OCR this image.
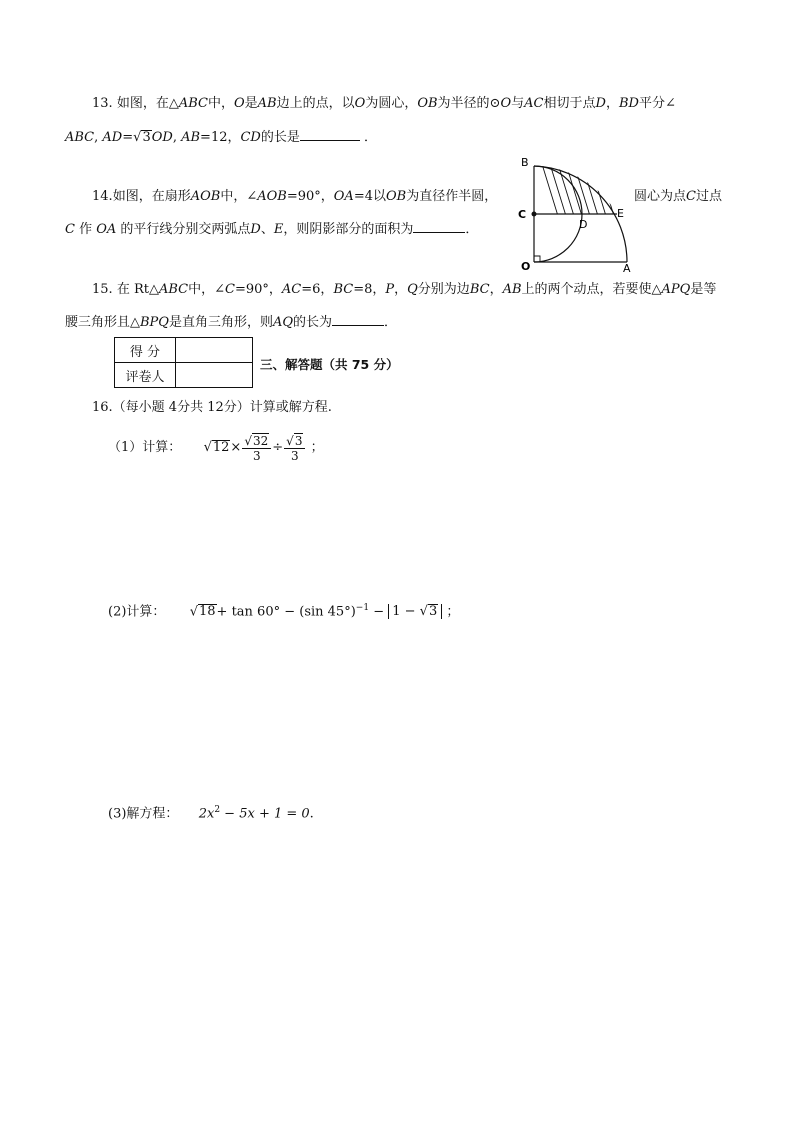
13. 如图，在△ABC中，O是AB边上的点，以O为圆心，OB为半径的⊙O与AC相切于点D，BD平分∠
ABC, AD=√3OD, AB=12，CD的长是	．
14.如图，在扇形AOB中，∠AOB=90°，OA=4以OB为直径作半圆，	圆心为点C过点
C 作 OA 的平行线分别交两弧点D、E，则阴影部分的面积为	．
B
C
D
E
O	A
15. 在 Rt△ABC中，∠C=90°，AC=6，BC=8，P，Q分别为边BC，AB上的两个动点，若要使△APQ是等
腰三角形且△BPQ是直角三角形，则AQ的长为	．
得 分	
评卷人	
三、解答题（共 75 分）
16.（每小题 4分共 12分）计算或解方程.
（1）计算： $√12\times \frac{√32}{3} \div \frac{√3}{3}$ ；
(2)计算： √18+ tan 60° − (sin 45°)$^{-1}$ − 1 − √3 ；
(3)解方程： $2x^2 - 5x + 1 = 0$.
